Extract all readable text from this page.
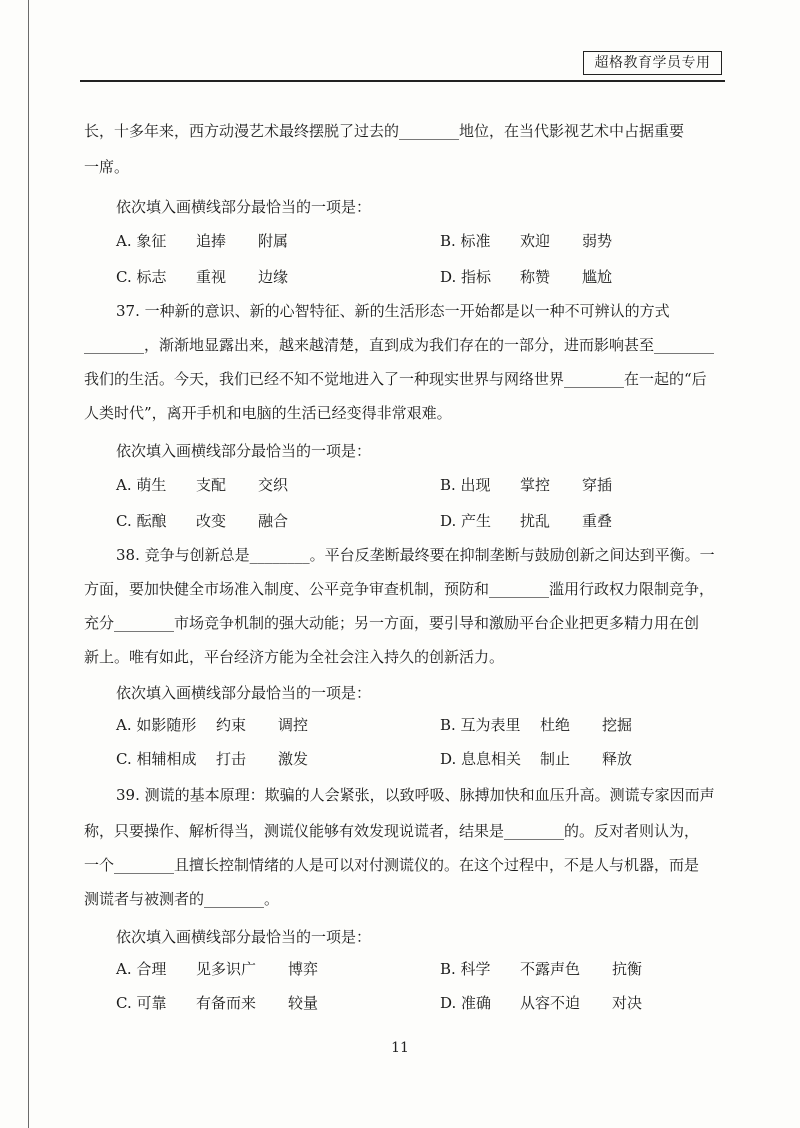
超格教育学员专用
长，十多年来，西方动漫艺术最终摆脱了过去的________地位，在当代影视艺术中占据重要
一席。
依次填入画横线部分最恰当的一项是：
A. 象征 追捧 附属	B. 标准 欢迎 弱势
C. 标志 重视 边缘	D. 指标 称赞 尴尬
37. 一种新的意识、新的心智特征、新的生活形态一开始都是以一种不可辨认的方式
________，渐渐地显露出来，越来越清楚，直到成为我们存在的一部分，进而影响甚至________
我们的生活。今天，我们已经不知不觉地进入了一种现实世界与网络世界________在一起的“后
人类时代”，离开手机和电脑的生活已经变得非常艰难。
依次填入画横线部分最恰当的一项是：
A. 萌生 支配 交织	B. 出现 掌控 穿插
C. 酝酿 改变 融合	D. 产生 扰乱 重叠
38. 竞争与创新总是________。平台反垄断最终要在抑制垄断与鼓励创新之间达到平衡。一
方面，要加快健全市场准入制度、公平竞争审查机制，预防和________滥用行政权力限制竞争，
充分________市场竞争机制的强大动能；另一方面，要引导和激励平台企业把更多精力用在创
新上。唯有如此，平台经济方能为全社会注入持久的创新活力。
依次填入画横线部分最恰当的一项是：
A. 如影随形 约束 调控	B. 互为表里 杜绝 挖掘
C. 相辅相成 打击 激发	D. 息息相关 制止 释放
39. 测谎的基本原理：欺骗的人会紧张，以致呼吸、脉搏加快和血压升高。测谎专家因而声
称，只要操作、解析得当，测谎仪能够有效发现说谎者，结果是________的。反对者则认为，
一个________且擅长控制情绪的人是可以对付测谎仪的。在这个过程中，不是人与机器，而是
测谎者与被测者的________。
依次填入画横线部分最恰当的一项是：
A. 合理 见多识广 博弈	B. 科学 不露声色 抗衡
C. 可靠 有备而来 较量	D. 准确 从容不迫 对决
11
